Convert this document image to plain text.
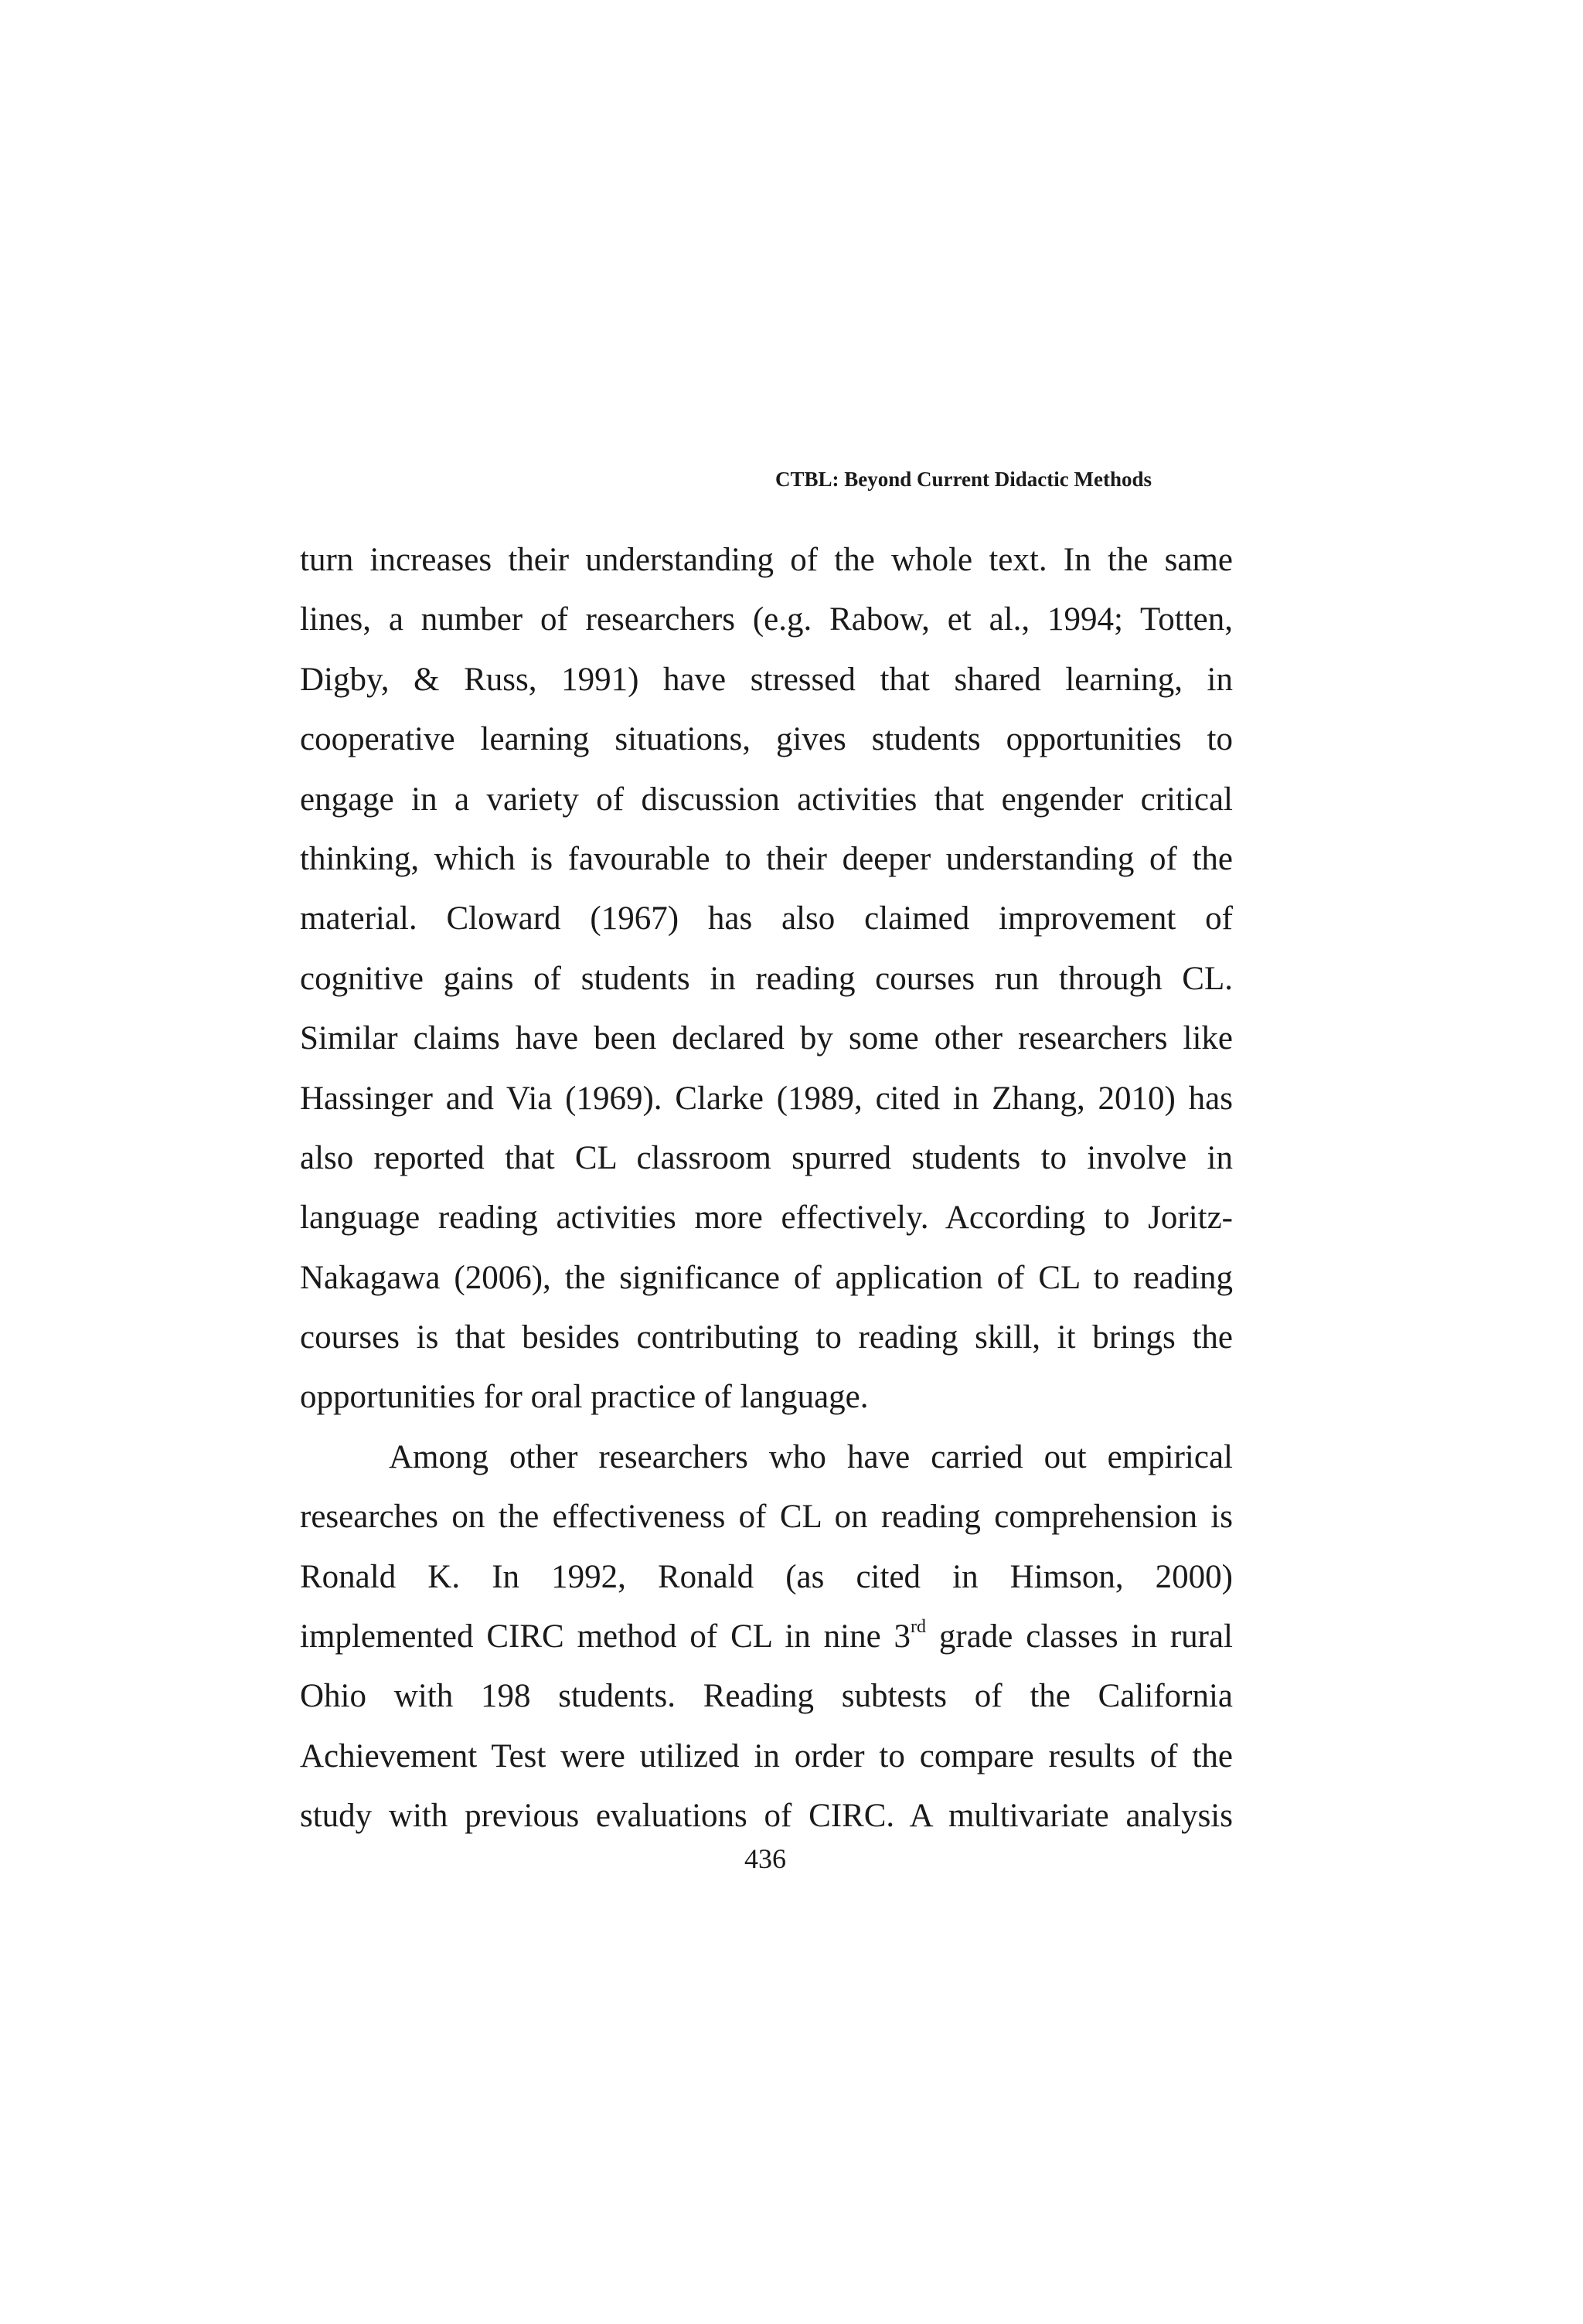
CTBL: Beyond Current Didactic Methods
turn increases their understanding of the whole text. In the same
lines, a number of researchers (e.g. Rabow, et al., 1994; Totten,
Digby, & Russ, 1991) have stressed that shared learning, in
cooperative learning situations, gives students opportunities to
engage in a variety of discussion activities that engender critical
thinking, which is favourable to their deeper understanding of the
material. Cloward (1967) has also claimed improvement of
cognitive gains of students in reading courses run through CL.
Similar claims have been declared by some other researchers like
Hassinger and Via (1969). Clarke (1989, cited in Zhang, 2010) has
also reported that CL classroom spurred students to involve in
language reading activities more effectively. According to Joritz-
Nakagawa (2006), the significance of application of CL to reading
courses is that besides contributing to reading skill, it brings the
opportunities for oral practice of language.
Among other researchers who have carried out empirical
researches on the effectiveness of CL on reading comprehension is
Ronald K. In 1992, Ronald (as cited in Himson, 2000)
implemented CIRC method of CL in nine 3rd grade classes in rural
Ohio with 198 students. Reading subtests of the California
Achievement Test were utilized in order to compare results of the
study with previous evaluations of CIRC. A multivariate analysis
436
